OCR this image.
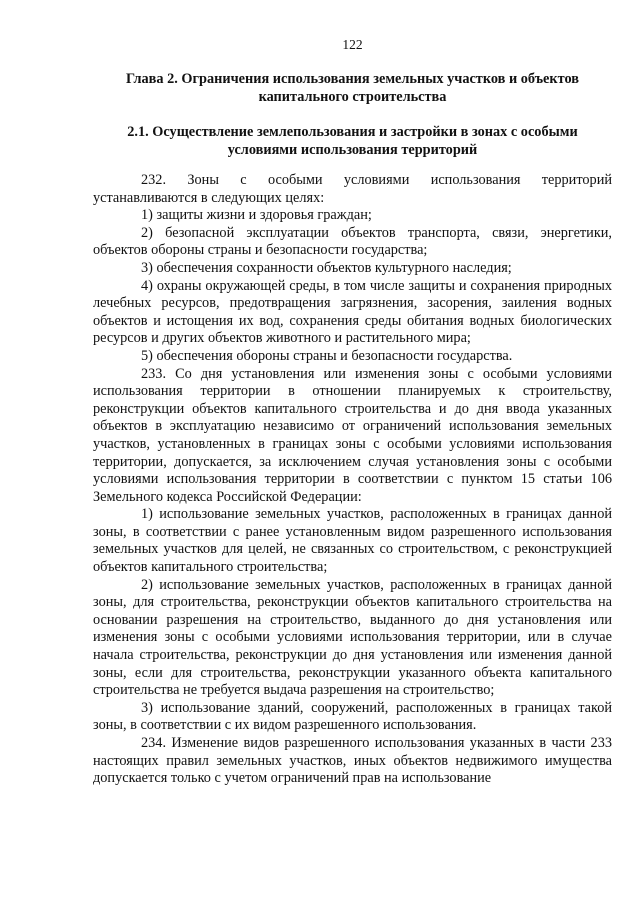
122
Глава 2. Ограничения использования земельных участков и объектов капитального строительства
2.1. Осуществление землепользования и застройки в зонах с особыми условиями использования территорий

232. Зоны с особыми условиями использования территорий устанавливаются в следующих целях:

1) защиты жизни и здоровья граждан;

2) безопасной эксплуатации объектов транспорта, связи, энергетики, объектов обороны страны и безопасности государства;

3) обеспечения сохранности объектов культурного наследия;

4) охраны окружающей среды, в том числе защиты и сохранения природных лечебных ресурсов, предотвращения загрязнения, засорения, заиления водных объектов и истощения их вод, сохранения среды обитания водных биологических ресурсов и других объектов животного и растительного мира;

5) обеспечения обороны страны и безопасности государства.

233. Со дня установления или изменения зоны с особыми условиями использования территории в отношении планируемых к строительству, реконструкции объектов капитального строительства и до дня ввода указанных объектов в эксплуатацию независимо от ограничений использования земельных участков, установленных в границах зоны с особыми условиями использования территории, допускается, за исключением случая установления зоны с особыми условиями использования территории в соответствии с пунктом 15 статьи 106 Земельного кодекса Российской Федерации:

1) использование земельных участков, расположенных в границах данной зоны, в соответствии с ранее установленным видом разрешенного использования земельных участков для целей, не связанных со строительством, с реконструкцией объектов капитального строительства;

2) использование земельных участков, расположенных в границах данной зоны, для строительства, реконструкции объектов капитального строительства на основании разрешения на строительство, выданного до дня установления или изменения зоны с особыми условиями использования территории, или в случае начала строительства, реконструкции до дня установления или изменения данной зоны, если для строительства, реконструкции указанного объекта капитального строительства не требуется выдача разрешения на строительство;

3) использование зданий, сооружений, расположенных в границах такой зоны, в соответствии с их видом разрешенного использования.

234. Изменение видов разрешенного использования указанных в части 233 настоящих правил земельных участков, иных объектов недвижимого имущества допускается только с учетом ограничений прав на использование
